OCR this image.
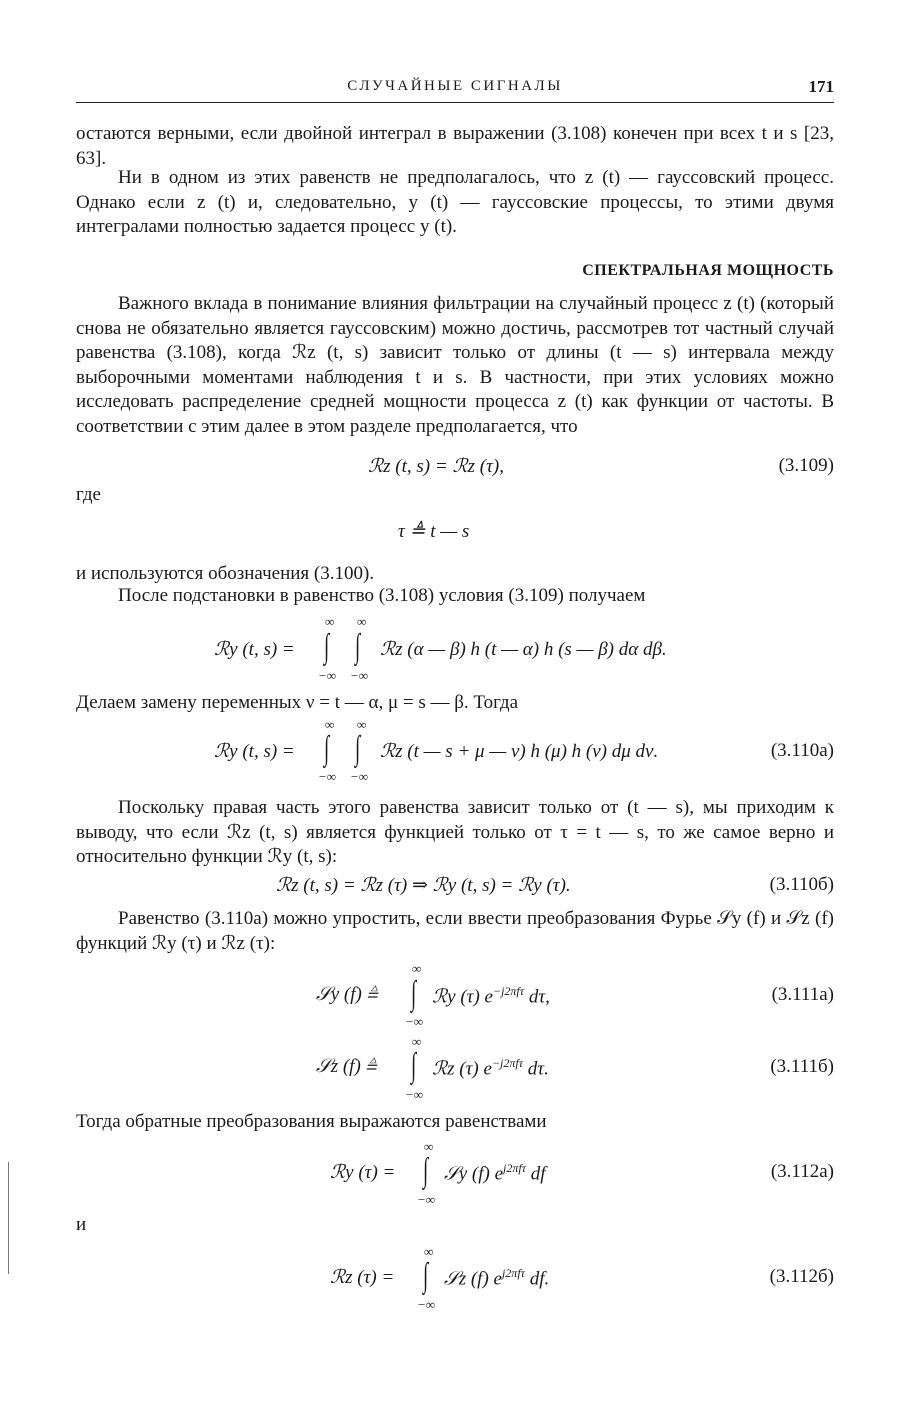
СЛУЧАЙНЫЕ СИГНАЛЫ	171

остаются верными, если двойной интеграл в выражении (3.108) конечен при всех t и s [23, 63].

Ни в одном из этих равенств не предполагалось, что z (t) — гауссовский процесс. Однако если z (t) и, следовательно, y (t) — гауссовские процессы, то этими двумя интегралами полностью задается процесс y (t).

СПЕКТРАЛЬНАЯ МОЩНОСТЬ

Важного вклада в понимание влияния фильтрации на случайный процесс z (t) (который снова не обязательно является гауссовским) можно достичь, рассмотрев тот частный случай равенства (3.108), когда ℛz (t, s) зависит только от длины (t — s) интервала между выборочными моментами наблюдения t и s. В частности, при этих условиях можно исследовать распределение средней мощности процесса z (t) как функции от частоты. В соответствии с этим далее в этом разделе предполагается, что

ℛz (t, s) = ℛz (τ),	(3.109)
где
τ ≜ t — s

и используются обозначения (3.100).

После подстановки в равенство (3.108) условия (3.109) получаем

ℛy (t, s) =
∞ ∞
∫ ∫
−∞ −∞
ℛz (α — β) h (t — α) h (s — β) dα dβ.

Делаем замену переменных ν = t — α, μ = s — β. Тогда

ℛy (t, s) =
∞ ∞
∫ ∫
−∞ −∞
ℛz (t — s + μ — ν) h (μ) h (ν) dμ dν.	(3.110а)

Поскольку правая часть этого равенства зависит только от (t — s), мы приходим к выводу, что если ℛz (t, s) является функцией только от τ = t — s, то же самое верно и относительно функции ℛy (t, s):

ℛz (t, s) = ℛz (τ) ⇒ ℛy (t, s) = ℛy (τ).	(3.110б)

Равенство (3.110а) можно упростить, если ввести преобразования Фурье 𝒮y (f) и 𝒮z (f) функций ℛy (τ) и ℛz (τ):

𝒮y (f) ≜
∞
∫
−∞
ℛy (τ) $e^{-j2\pi f\tau}$ dτ,	(3.111а)
𝒮z (f) ≜
∞
∫
−∞
ℛz (τ) $e^{-j2\pi f\tau}$ dτ.	(3.111б)

Тогда обратные преобразования выражаются равенствами

ℛy (τ) =
∞
∫
−∞
𝒮y (f) $e^{j2\pi f\tau}$ df	(3.112а)
и
ℛz (τ) =
∞
∫
−∞
𝒮z (f) $e^{j2\pi f\tau}$ df.	(3.112б)
